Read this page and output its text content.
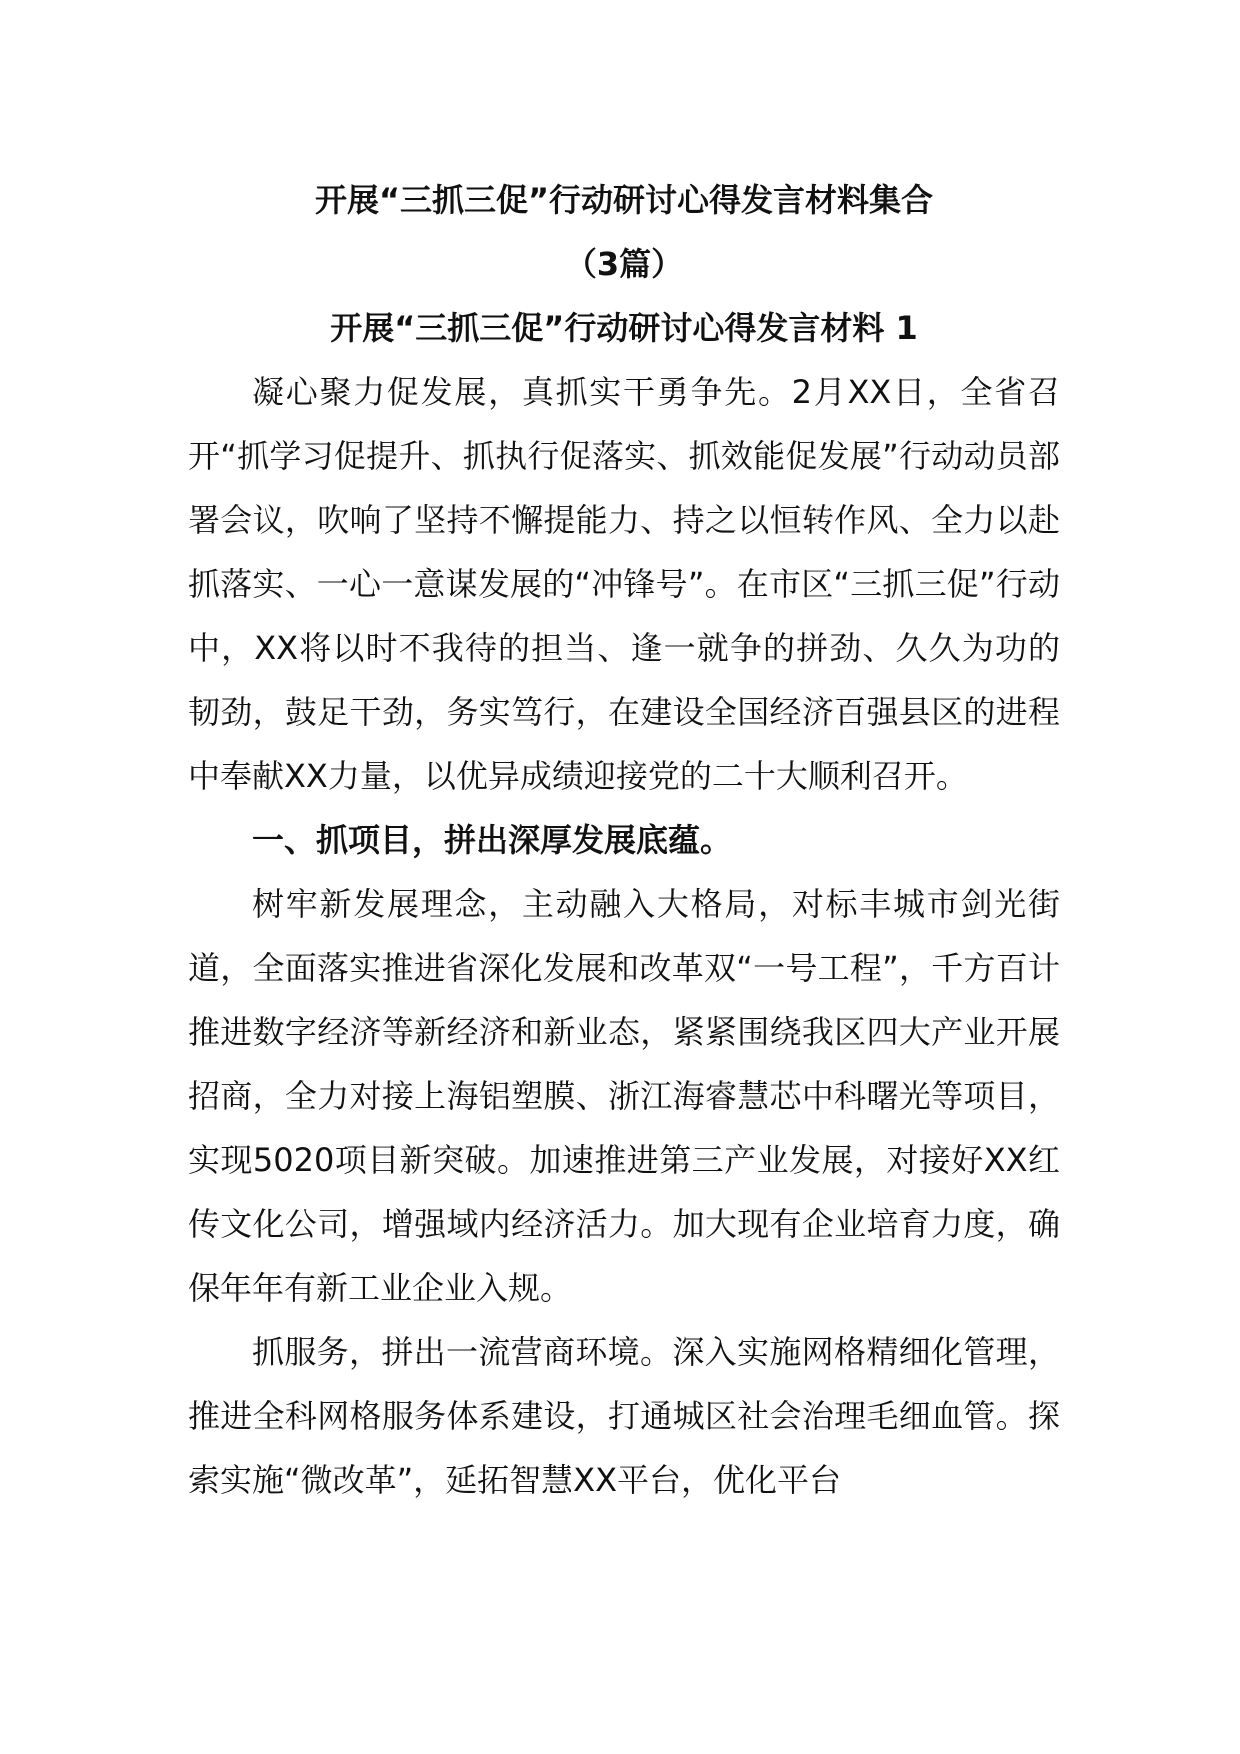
开展“三抓三促”行动研讨心得发言材料集合
（3篇）
开展“三抓三促”行动研讨心得发言材料 1

凝心聚力促发展，真抓实干勇争先。2月XX日，全省召开“抓学习促提升、抓执行促落实、抓效能促发展”行动动员部署会议，吹响了坚持不懈提能力、持之以恒转作风、全力以赴抓落实、一心一意谋发展的“冲锋号”。在市区“三抓三促”行动中，XX将以时不我待的担当、逢一就争的拼劲、久久为功的韧劲，鼓足干劲，务实笃行，在建设全国经济百强县区的进程中奉献XX力量，以优异成绩迎接党的二十大顺利召开。

一、抓项目，拼出深厚发展底蕴。

树牢新发展理念，主动融入大格局，对标丰城市剑光街道，全面落实推进省深化发展和改革双“一号工程”，千方百计推进数字经济等新经济和新业态，紧紧围绕我区四大产业开展招商，全力对接上海铝塑膜、浙江海睿慧芯中科曙光等项目，实现5020项目新突破。加速推进第三产业发展，对接好XX红传文化公司，增强域内经济活力。加大现有企业培育力度，确保年年有新工业企业入规。

抓服务，拼出一流营商环境。深入实施网格精细化管理，推进全科网格服务体系建设，打通城区社会治理毛细血管。探索实施“微改革”，延拓智慧XX平台，优化平台
